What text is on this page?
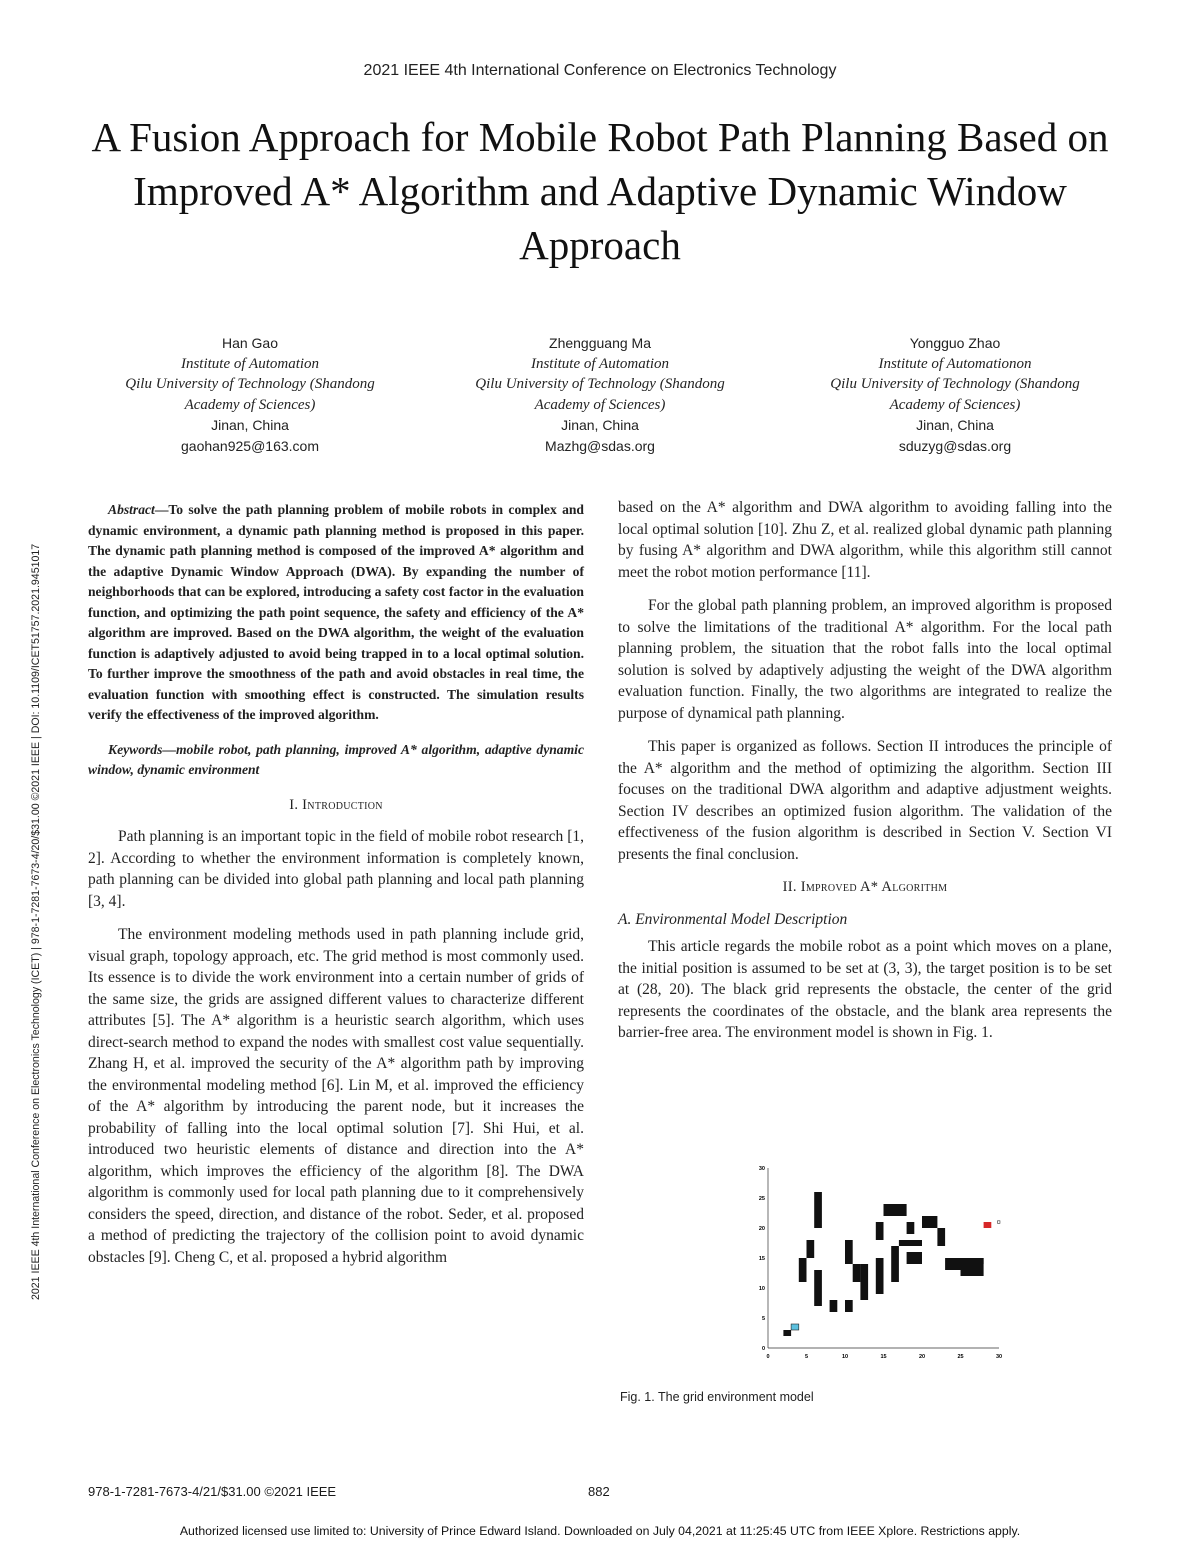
2021 IEEE 4th International Conference on Electronics Technology
A Fusion Approach for Mobile Robot Path Planning Based on Improved A* Algorithm and Adaptive Dynamic Window Approach
2021 IEEE 4th International Conference on Electronics Technology (ICET) | 978-1-7281-7673-4/20/$31.00 ©2021 IEEE | DOI: 10.1109/ICET51757.2021.9451017
Han Gao
Institute of Automation
Qilu University of Technology (Shandong
Academy of Sciences)
Jinan, China
gaohan925@163.com
Zhengguang Ma
Institute of Automation
Qilu University of Technology (Shandong
Academy of Sciences)
Jinan, China
Mazhg@sdas.org
Yongguo Zhao
Institute of Automationon
Qilu University of Technology (Shandong
Academy of Sciences)
Jinan, China
sduzyg@sdas.org

Abstract—To solve the path planning problem of mobile robots in complex and dynamic environment, a dynamic path planning method is proposed in this paper. The dynamic path planning method is composed of the improved A* algorithm and the adaptive Dynamic Window Approach (DWA). By expanding the number of neighborhoods that can be explored, introducing a safety cost factor in the evaluation function, and optimizing the path point sequence, the safety and efficiency of the A* algorithm are improved. Based on the DWA algorithm, the weight of the evaluation function is adaptively adjusted to avoid being trapped in to a local optimal solution. To further improve the smoothness of the path and avoid obstacles in real time, the evaluation function with smoothing effect is constructed. The simulation results verify the effectiveness of the improved algorithm.

Keywords—mobile robot, path planning, improved A* algorithm, adaptive dynamic window, dynamic environment

I. Introduction

Path planning is an important topic in the field of mobile robot research [1, 2]. According to whether the environment information is completely known, path planning can be divided into global path planning and local path planning [3, 4].

The environment modeling methods used in path planning include grid, visual graph, topology approach, etc. The grid method is most commonly used. Its essence is to divide the work environment into a certain number of grids of the same size, the grids are assigned different values to characterize different attributes [5]. The A* algorithm is a heuristic search algorithm, which uses direct-search method to expand the nodes with smallest cost value sequentially. Zhang H, et al. improved the security of the A* algorithm path by improving the environmental modeling method [6]. Lin M, et al. improved the efficiency of the A* algorithm by introducing the parent node, but it increases the probability of falling into the local optimal solution [7]. Shi Hui, et al. introduced two heuristic elements of distance and direction into the A* algorithm, which improves the efficiency of the algorithm [8]. The DWA algorithm is commonly used for local path planning due to it comprehensively considers the speed, direction, and distance of the robot. Seder, et al. proposed a method of predicting the trajectory of the collision point to avoid dynamic obstacles [9]. Cheng C, et al. proposed a hybrid algorithm

based on the A* algorithm and DWA algorithm to avoiding falling into the local optimal solution [10]. Zhu Z, et al. realized global dynamic path planning by fusing A* algorithm and DWA algorithm, while this algorithm still cannot meet the robot motion performance [11].

For the global path planning problem, an improved algorithm is proposed to solve the limitations of the traditional A* algorithm. For the local path planning problem, the situation that the robot falls into the local optimal solution is solved by adaptively adjusting the weight of the DWA algorithm evaluation function. Finally, the two algorithms are integrated to realize the purpose of dynamical path planning.

This paper is organized as follows. Section II introduces the principle of the A* algorithm and the method of optimizing the algorithm. Section III focuses on the traditional DWA algorithm and adaptive adjustment weights. Section IV describes an optimized fusion algorithm. The validation of the effectiveness of the fusion algorithm is described in Section V. Section VI presents the final conclusion.

II. Improved A* Algorithm
A. Environmental Model Description

This article regards the mobile robot as a point which moves on a plane, the initial position is assumed to be set at (3, 3), the target position is to be set at (28, 20). The black grid represents the obstacle, the center of the grid represents the coordinates of the obstacle, and the blank area represents the barrier-free area. The environment model is shown in Fig. 1.

0	5	10	15	20	25	30
0
5
10
15
20
25
30
Fig. 1. The grid environment model
978-1-7281-7673-4/21/$31.00 ©2021 IEEE	882
Authorized licensed use limited to: University of Prince Edward Island. Downloaded on July 04,2021 at 11:25:45 UTC from IEEE Xplore. Restrictions apply.
